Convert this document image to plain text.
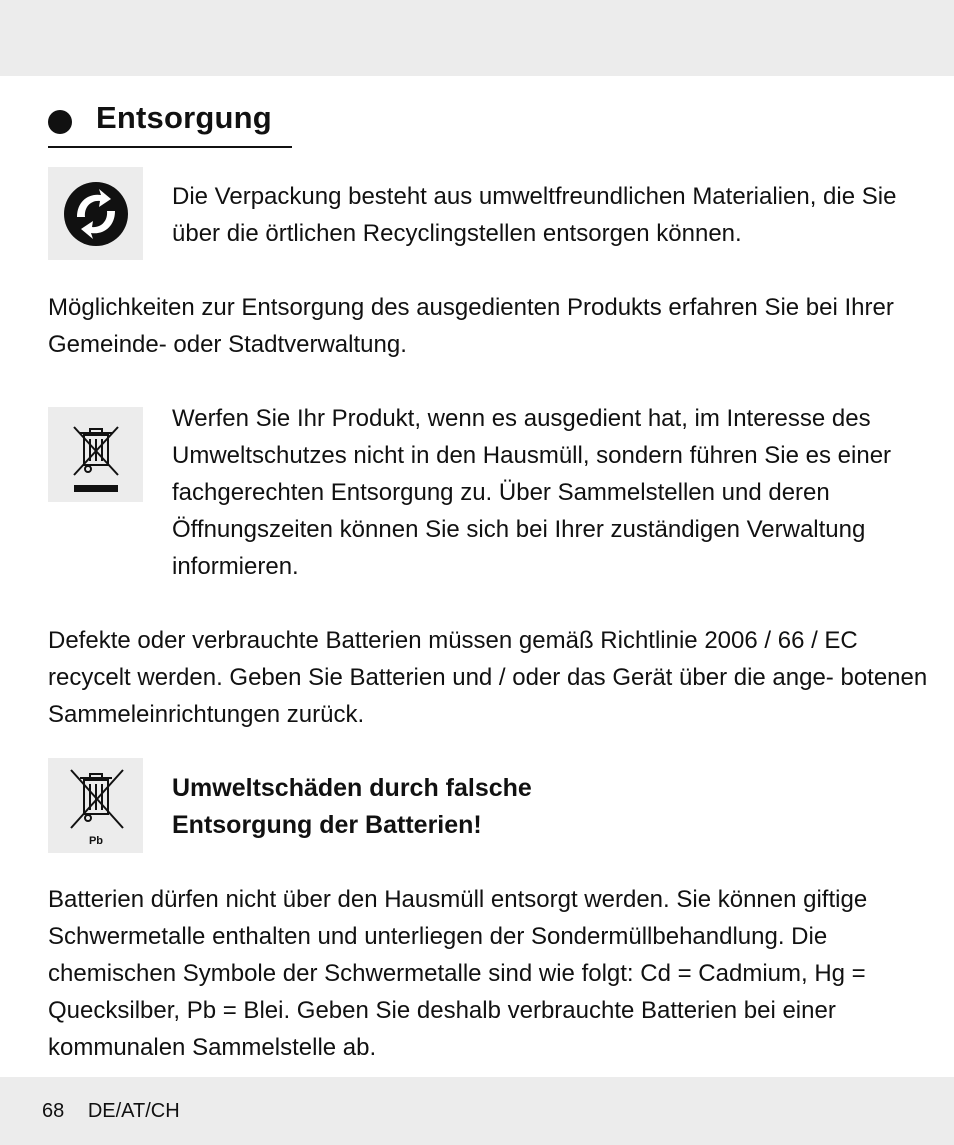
Entsorgung

Die Verpackung besteht aus umweltfreundlichen Materialien, die Sie über die örtlichen Recyclingstellen entsorgen können.

Möglichkeiten zur Entsorgung des ausgedienten Produkts erfahren Sie bei Ihrer Gemeinde- oder Stadtverwaltung.

Werfen Sie Ihr Produkt, wenn es ausgedient hat, im Interesse des Umweltschutzes nicht in den Hausmüll, sondern führen Sie es einer fachgerechten Entsorgung zu. Über Sammelstellen und deren Öffnungszeiten können Sie sich bei Ihrer zuständigen Verwaltung informieren.

Defekte oder verbrauchte Batterien müssen gemäß Richtlinie 2006 / 66 / EC recycelt werden. Geben Sie Batterien und / oder das Gerät über die ange- botenen Sammeleinrichtungen zurück.

Pb
Umweltschäden durch falsche
Entsorgung der Batterien!

Batterien dürfen nicht über den Hausmüll entsorgt werden. Sie können giftige Schwermetalle enthalten und unterliegen der Sondermüllbehandlung. Die chemischen Symbole der Schwermetalle sind wie folgt: Cd = Cadmium, Hg = Quecksilber, Pb = Blei. Geben Sie deshalb verbrauchte Batterien bei einer kommunalen Sammelstelle ab.

68 DE/AT/CH
